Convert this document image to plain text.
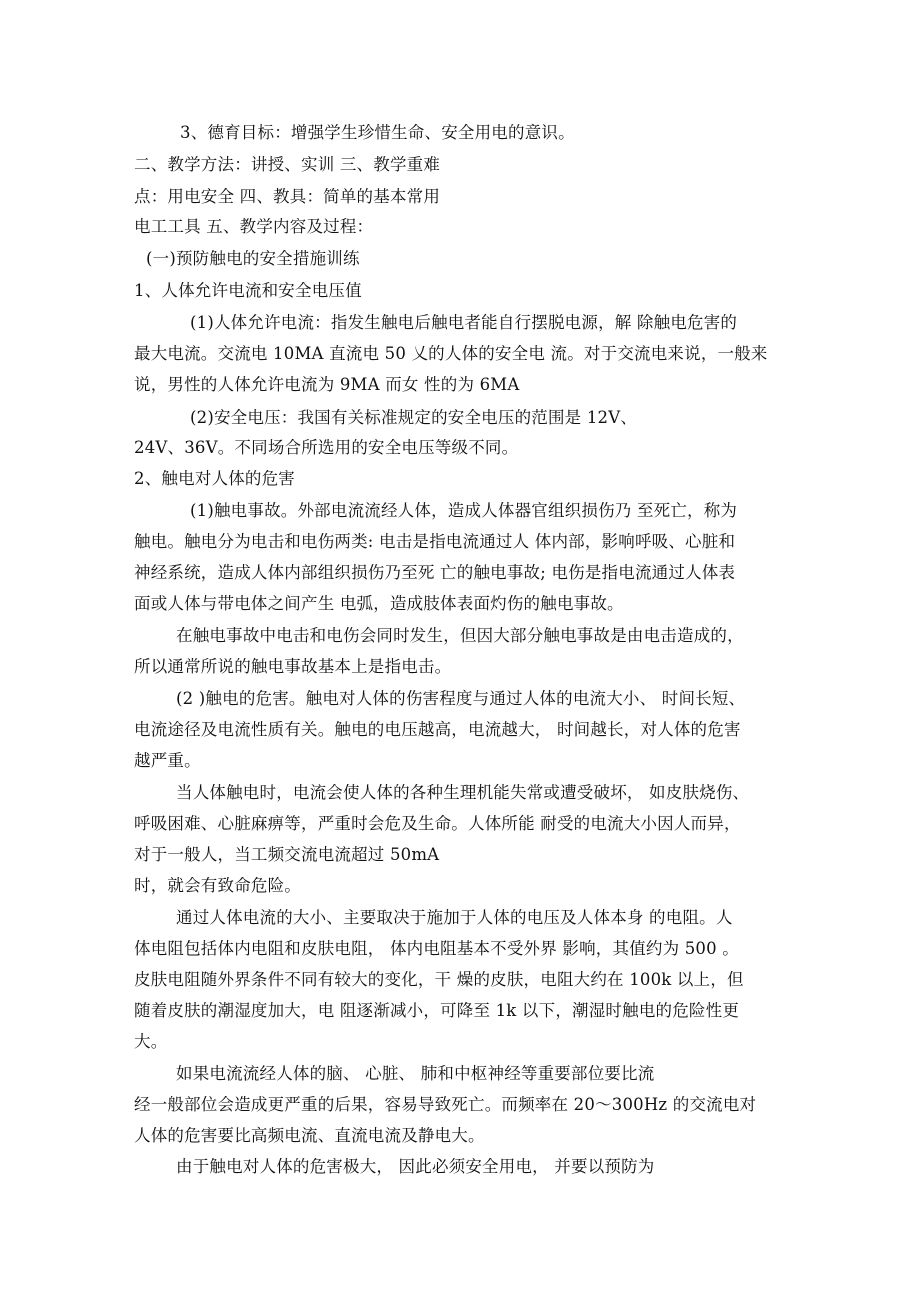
3、德育目标：增强学生珍惜生命、安全用电的意识。
二、教学方法：讲授、实训 三、教学重难
点：用电安全 四、教具：简单的基本常用
电工工具 五、教学内容及过程：
(一)预防触电的安全措施训练
1、人体允许电流和安全电压值
(1)人体允许电流：指发生触电后触电者能自行摆脱电源，解 除触电危害的
最大电流。交流电 10MA 直流电 50 乂的人体的安全电 流。对于交流电来说，一般来
说，男性的人体允许电流为 9MA 而女 性的为 6MA
(2)安全电压：我国有关标准规定的安全电压的范围是 12V、
24V、36V。不同场合所选用的安全电压等级不同。
2、触电对人体的危害
(1)触电事故。外部电流流经人体，造成人体器官组织损伤乃 至死亡，称为
触电。触电分为电击和电伤两类: 电击是指电流通过人 体内部，影响呼吸、心脏和
神经系统，造成人体内部组织损伤乃至死 亡的触电事故; 电伤是指电流通过人体表
面或人体与带电体之间产生 电弧，造成肢体表面灼伤的触电事故。
在触电事故中电击和电伤会同时发生，但因大部分触电事故是由电击造成的，
所以通常所说的触电事故基本上是指电击。
(2 )触电的危害。触电对人体的伤害程度与通过人体的电流大小、 时间长短、
电流途径及电流性质有关。触电的电压越高，电流越大， 时间越长，对人体的危害
越严重。
当人体触电时，电流会使人体的各种生理机能失常或遭受破坏， 如皮肤烧伤、
呼吸困难、心脏麻痹等，严重时会危及生命。人体所能 耐受的电流大小因人而异，
对于一般人，当工频交流电流超过 50mA
时，就会有致命危险。
通过人体电流的大小、主要取决于施加于人体的电压及人体本身 的电阻。人
体电阻包括体内电阻和皮肤电阻， 体内电阻基本不受外界 影响，其值约为 500 。
皮肤电阻随外界条件不同有较大的变化，干 燥的皮肤，电阻大约在 100k 以上，但
随着皮肤的潮湿度加大，电 阻逐渐减小，可降至 1k 以下，潮湿时触电的危险性更
大。
如果电流流经人体的脑、 心脏、 肺和中枢神经等重要部位要比流
经一般部位会造成更严重的后果，容易导致死亡。而频率在 20～300Hz 的交流电对
人体的危害要比高频电流、直流电流及静电大。
由于触电对人体的危害极大， 因此必须安全用电， 并要以预防为
